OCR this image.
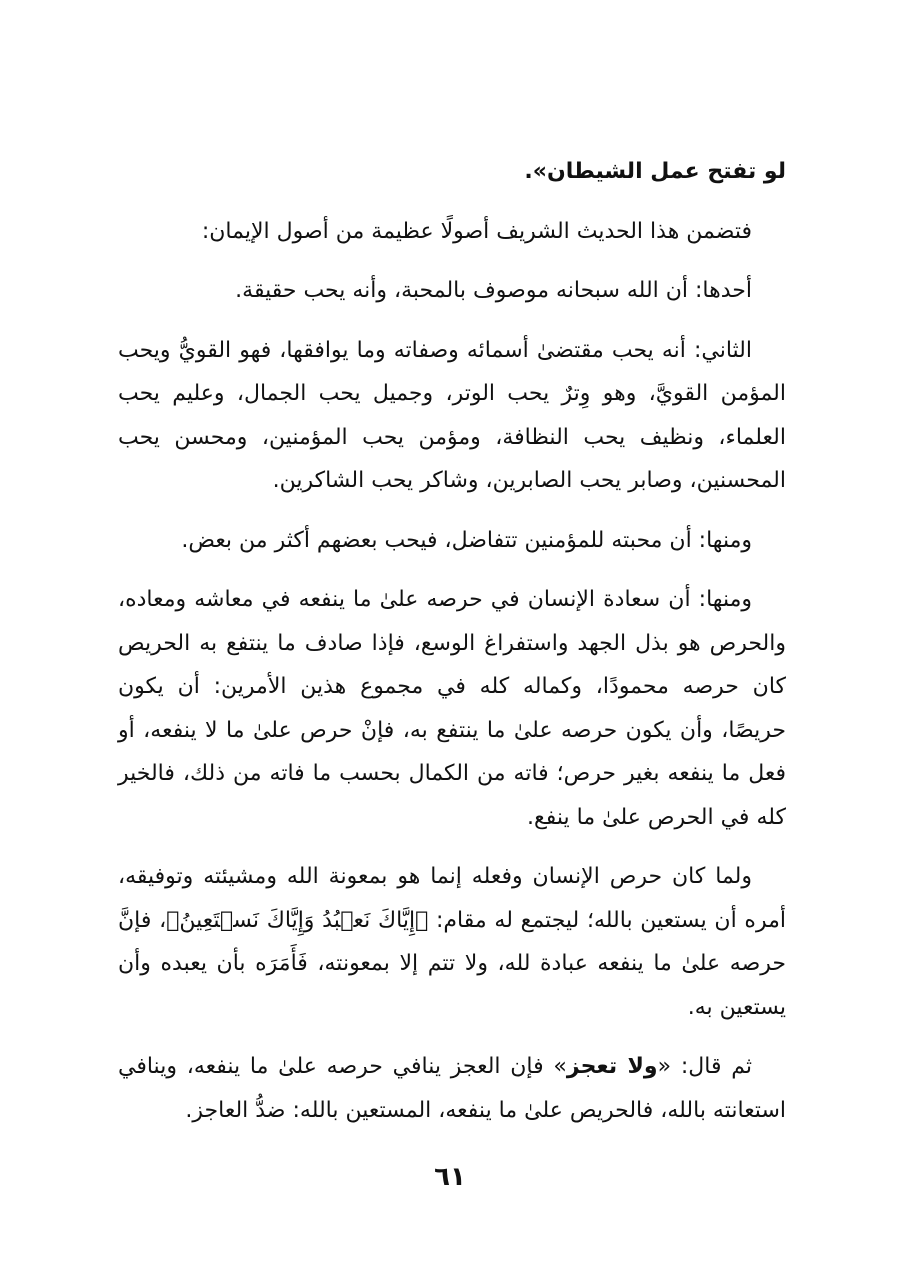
لو تفتح عمل الشيطان».

فتضمن هذا الحديث الشريف أصولًا عظيمة من أصول الإيمان:

أحدها: أن الله سبحانه موصوف بالمحبة، وأنه يحب حقيقة.

الثاني: أنه يحب مقتضىٰ أسمائه وصفاته وما يوافقها، فهو القويُّ ويحب المؤمن القويَّ، وهو وِترٌ يحب الوتر، وجميل يحب الجمال، وعليم يحب العلماء، ونظيف يحب النظافة، ومؤمن يحب المؤمنين، ومحسن يحب المحسنين، وصابر يحب الصابرين، وشاكر يحب الشاكرين.

ومنها: أن محبته للمؤمنين تتفاضل، فيحب بعضهم أكثر من بعض.

ومنها: أن سعادة الإنسان في حرصه علىٰ ما ينفعه في معاشه ومعاده، والحرص هو بذل الجهد واستفراغ الوسع، فإذا صادف ما ينتفع به الحريص كان حرصه محمودًا، وكماله كله في مجموع هذين الأمرين: أن يكون حريصًا، وأن يكون حرصه علىٰ ما ينتفع به، فإنْ حرص علىٰ ما لا ينفعه، أو فعل ما ينفعه بغير حرص؛ فاته من الكمال بحسب ما فاته من ذلك، فالخير كله في الحرص علىٰ ما ينفع.

ولما كان حرص الإنسان وفعله إنما هو بمعونة الله ومشيئته وتوفيقه، أمره أن يستعين بالله؛ ليجتمع له مقام: ﴿إِيَّاكَ نَعۡبُدُ وَإِيَّاكَ نَسۡتَعِينُ﴾، فإنَّ حرصه علىٰ ما ينفعه عبادة لله، ولا تتم إلا بمعونته، فَأَمَرَه بأن يعبده وأن يستعين به.

ثم قال: «ولا تعجز» فإن العجز ينافي حرصه علىٰ ما ينفعه، وينافي استعانته بالله، فالحريص علىٰ ما ينفعه، المستعين بالله: ضدُّ العاجز.

٦١
